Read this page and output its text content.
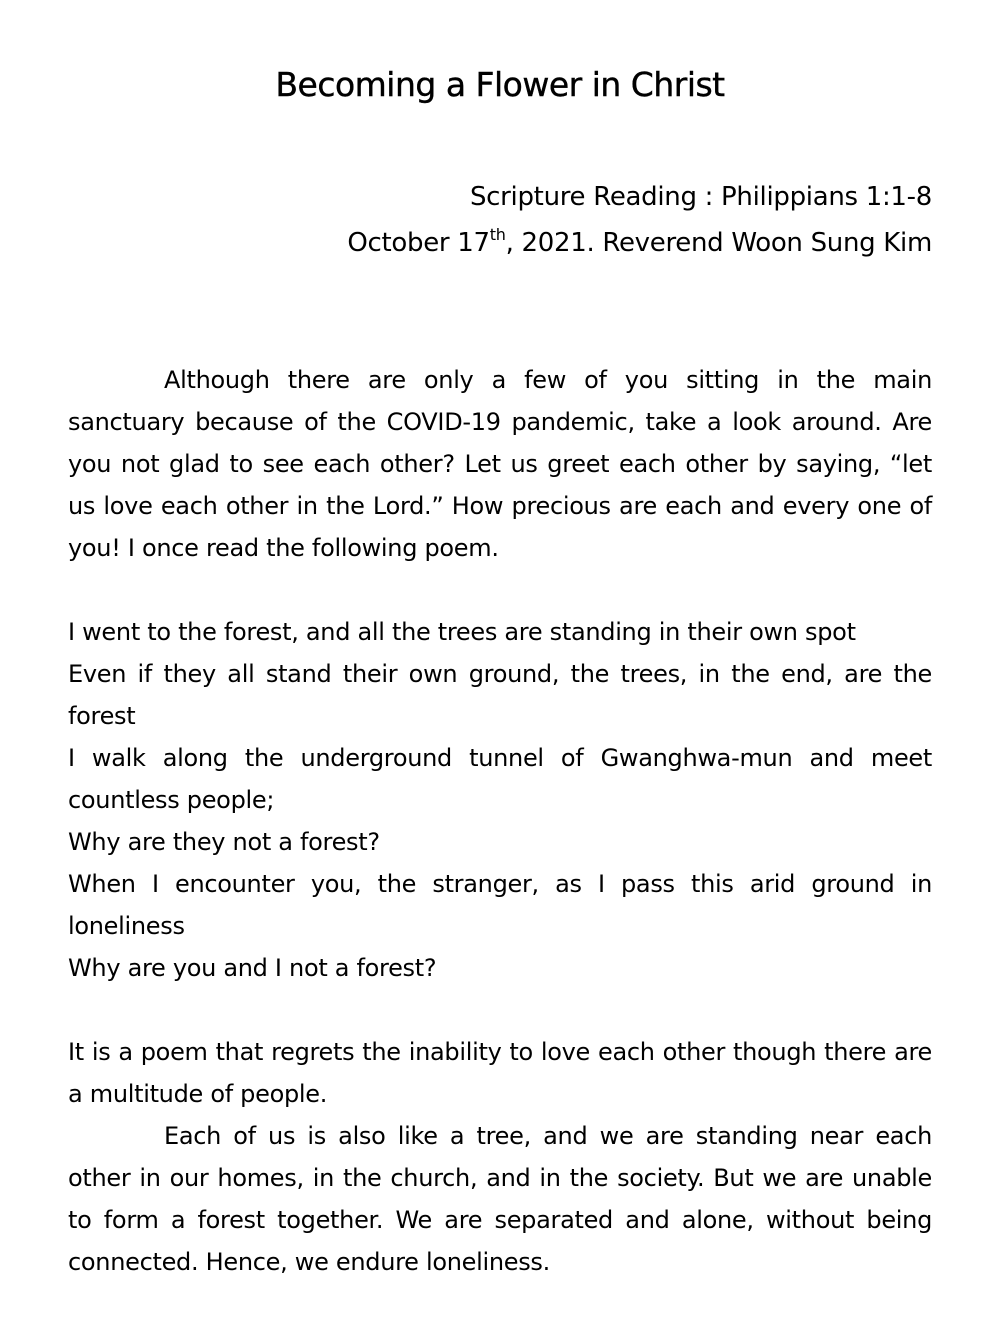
Becoming a Flower in Christ
Scripture Reading : Philippians 1:1-8
October 17th, 2021. Reverend Woon Sung Kim

Although there are only a few of you sitting in the main sanctuary because of the COVID-19 pandemic, take a look around. Are you not glad to see each other? Let us greet each other by saying, “let us love each other in the Lord.” How precious are each and every one of you! I once read the following poem.

I went to the forest, and all the trees are standing in their own spot

Even if they all stand their own ground, the trees, in the end, are the forest

I walk along the underground tunnel of Gwanghwa-mun and meet countless people;

Why are they not a forest?

When I encounter you, the stranger, as I pass this arid ground in loneliness

Why are you and I not a forest?

It is a poem that regrets the inability to love each other though there are a multitude of people.

Each of us is also like a tree, and we are standing near each other in our homes, in the church, and in the society. But we are unable to form a forest together. We are separated and alone, without being connected. Hence, we endure loneliness.
